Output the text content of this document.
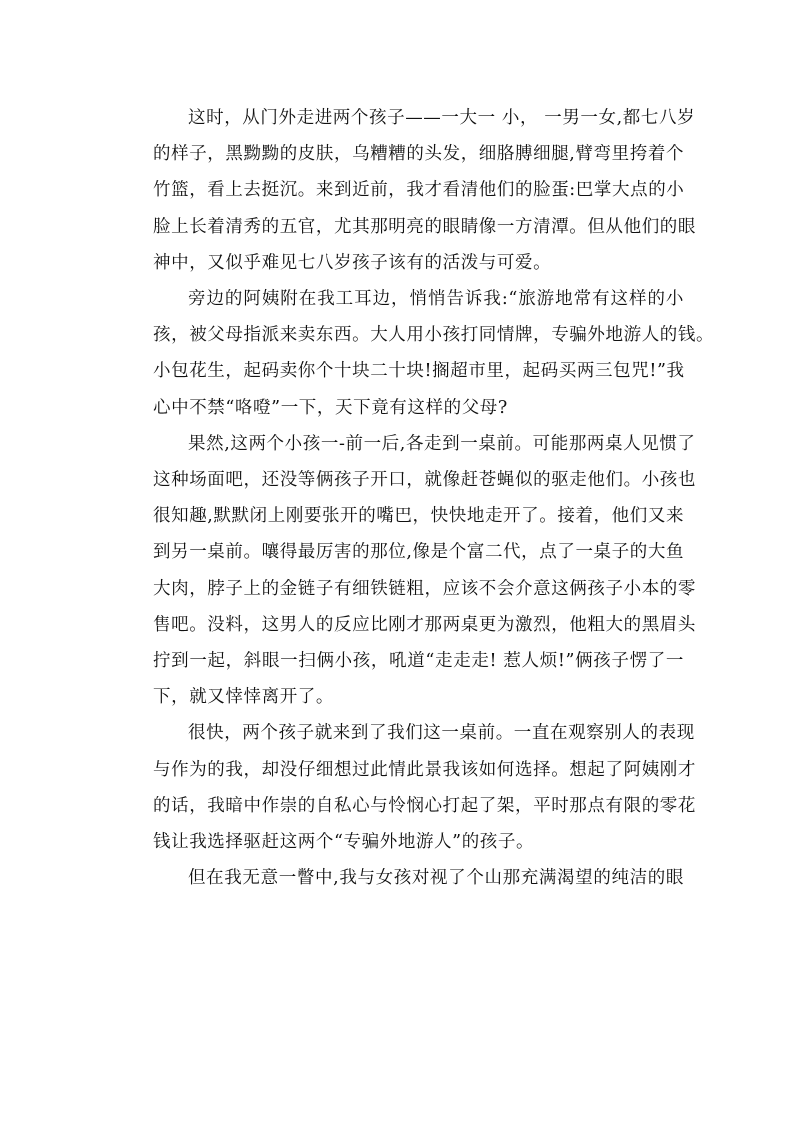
这时，从门外走进两个孩子——一大一 小， 一男一女,都七八岁
的样子，黑黝黝的皮肤，乌糟糟的头发，细胳膊细腿,臂弯里挎着个
竹篮，看上去挺沉。来到近前，我才看清他们的脸蛋:巴掌大点的小
脸上长着清秀的五官，尤其那明亮的眼睛像一方清潭。但从他们的眼
神中，又似乎难见七八岁孩子该有的活泼与可爱。
旁边的阿姨附在我工耳边，悄悄告诉我:“旅游地常有这样的小
孩，被父母指派来卖东西。大人用小孩打同情牌，专骗外地游人的钱。
小包花生，起码卖你个十块二十块!搁超市里，起码买两三包咒!”我
心中不禁“咯噔”一下，天下竟有这样的父母?
果然,这两个小孩一-前一后,各走到一桌前。可能那两桌人见惯了
这种场面吧，还没等俩孩子开口，就像赶苍蝇似的驱走他们。小孩也
很知趣,默默闭上刚要张开的嘴巴，快快地走开了。接着，他们又来
到另一桌前。嚷得最厉害的那位,像是个富二代，点了一桌子的大鱼
大肉，脖子上的金链子有细铁链粗，应该不会介意这俩孩子小本的零
售吧。没料，这男人的反应比刚才那两桌更为激烈，他粗大的黑眉头
拧到一起，斜眼一扫俩小孩，吼道“走走走! 惹人烦!”俩孩子愣了一
下，就又悻悻离开了。
很快，两个孩子就来到了我们这一桌前。一直在观察别人的表现
与作为的我，却没仔细想过此情此景我该如何选择。想起了阿姨刚才
的话，我暗中作崇的自私心与怜悯心打起了架，平时那点有限的零花
钱让我选择驱赶这两个“专骗外地游人”的孩子。
但在我无意一瞥中,我与女孩对视了个山那充满渴望的纯洁的眼
